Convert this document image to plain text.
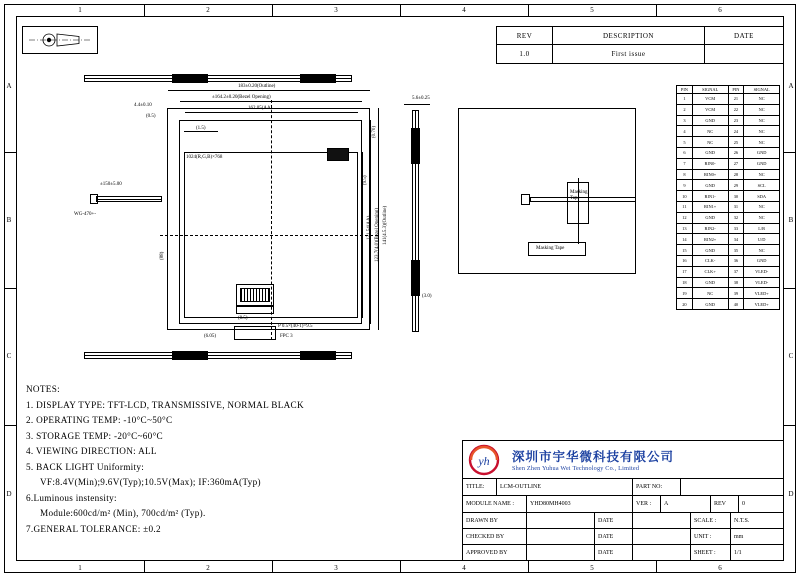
1	2	3	4	5	6
1	2	3	4	5	6
A
B
C
D
A
B
C
D
REV	DESCRIPTION	DATE
1.0	First issue
183±0.20(Outline)
±164.2±0.20(Bezel Opening)
162.05(AA)
4.4±0.10
(0.5)
(1.5)
1024(R,G,B)×768
141(4.5.3)(Outline)
123.7(4.0)(Bezel Opening)
121.54(AA)
(9.5)
(0.70)
(88)
±150±5.00
WG-470+-
(6.05)
P 0.5×(40-1)=9.5
FPC 3
(8.5)
5.6±0.25
(3.0)
Masking Tape
Masking Tape
PIN	SIGNAL	PIN	SIGNAL
1	VCM	21	NC
2	VCM	22	NC
3	GND	23	NC
4	NC	24	NC
5	NC	25	NC
6	GND	26	GND
7	RIN0-	27	GND
8	RIN0+	28	NC
9	GND	29	SCL
10	RIN1-	30	SDA
11	RIN1+	31	NC
12	GND	32	NC
13	RIN2-	33	L/R
14	RIN2+	34	U/D
15	GND	35	NC
16	CLK-	36	GND
17	CLK+	37	VLED-
18	GND	38	VLED-
19	NC	39	VLED+
20	GND	40	VLED+
NOTES:
1. DISPLAY TYPE: TFT-LCD, TRANSMISSIVE, NORMAL BLACK
2. OPERATING TEMP: -10°C~50°C
3. STORAGE TEMP: -20°C~60°C
4. VIEWING DIRECTION: ALL
5. BACK LIGHT Uniformity:
VF:8.4V(Min);9.6V(Typ);10.5V(Max); IF:360mA(Typ)
6.Luminous instensity:
Module:600cd/m² (Min), 700cd/m² (Typ).
7.GENERAL TOLERANCE: ±0.2
yh 深圳市宇华微科技有限公司
Shen Zhen Yuhua Wei Technology Co., Limited
TITLE:	LCM-OUTLINE	PART NO:
MODULE NAME :	YHD80MH4003	VER :	A	REV	0
DRAWN BY	DATE	SCALE :	N.T.S.
CHECKED BY	DATE	UNIT :	mm
APPROVED BY	DATE	SHEET :	1/1
